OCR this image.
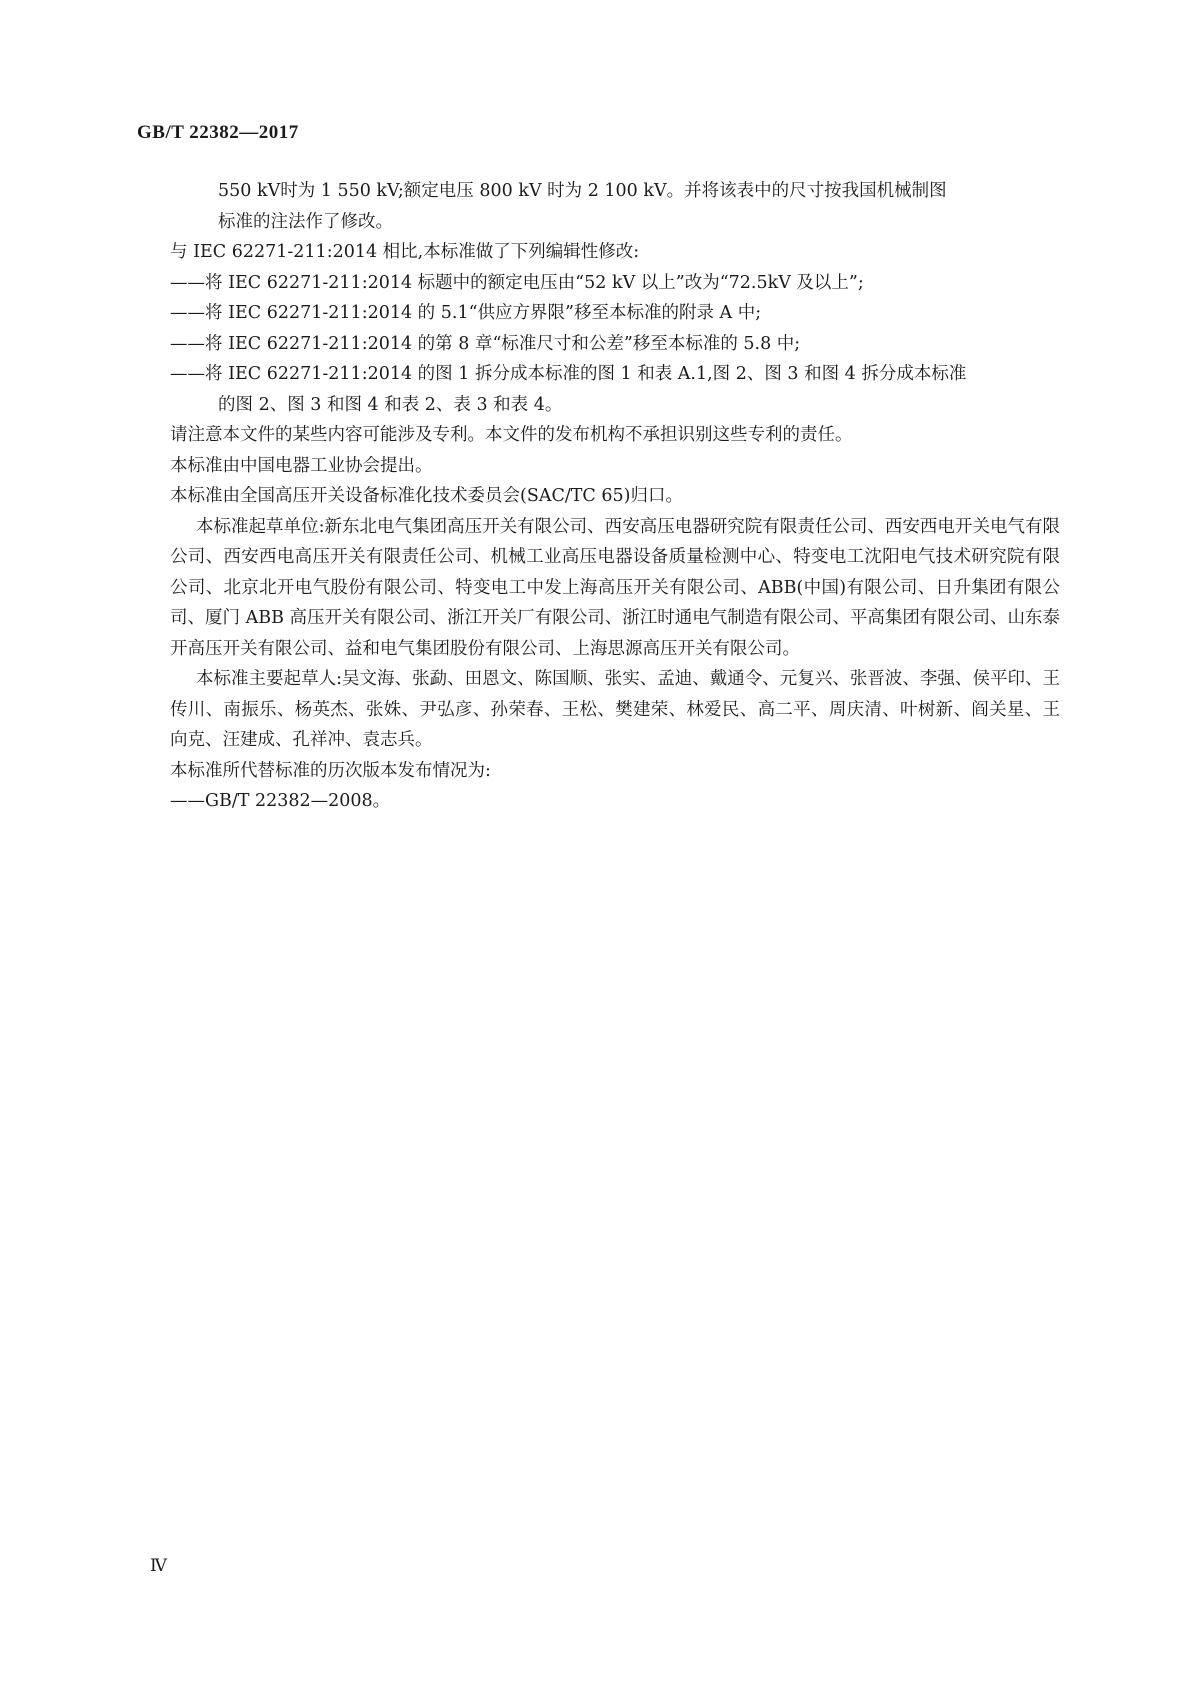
GB/T 22382—2017

550 kV时为 1 550 kV;额定电压 800 kV 时为 2 100 kV。并将该表中的尺寸按我国机械制图

标准的注法作了修改。

与 IEC 62271-211:2014 相比,本标准做了下列编辑性修改:

——将 IEC 62271-211:2014 标题中的额定电压由“52 kV 以上”改为“72.5kV 及以上”;

——将 IEC 62271-211:2014 的 5.1“供应方界限”移至本标准的附录 A 中;

——将 IEC 62271-211:2014 的第 8 章“标准尺寸和公差”移至本标准的 5.8 中;

——将 IEC 62271-211:2014 的图 1 拆分成本标准的图 1 和表 A.1,图 2、图 3 和图 4 拆分成本标准

的图 2、图 3 和图 4 和表 2、表 3 和表 4。

请注意本文件的某些内容可能涉及专利。本文件的发布机构不承担识别这些专利的责任。

本标准由中国电器工业协会提出。

本标准由全国高压开关设备标准化技术委员会(SAC/TC 65)归口。

本标准起草单位:新东北电气集团高压开关有限公司、西安高压电器研究院有限责任公司、西安西电开关电气有限公司、西安西电高压开关有限责任公司、机械工业高压电器设备质量检测中心、特变电工沈阳电气技术研究院有限公司、北京北开电气股份有限公司、特变电工中发上海高压开关有限公司、ABB(中国)有限公司、日升集团有限公司、厦门 ABB 高压开关有限公司、浙江开关厂有限公司、浙江时通电气制造有限公司、平高集团有限公司、山东泰开高压开关有限公司、益和电气集团股份有限公司、上海思源高压开关有限公司。

本标准主要起草人:吴文海、张勐、田恩文、陈国顺、张实、孟迪、戴通令、元复兴、张晋波、李强、侯平印、王传川、南振乐、杨英杰、张姝、尹弘彦、孙荣春、王松、樊建荣、林爱民、高二平、周庆清、叶树新、阎关星、王向克、汪建成、孔祥冲、袁志兵。

本标准所代替标准的历次版本发布情况为:

——GB/T 22382—2008。

Ⅳ
